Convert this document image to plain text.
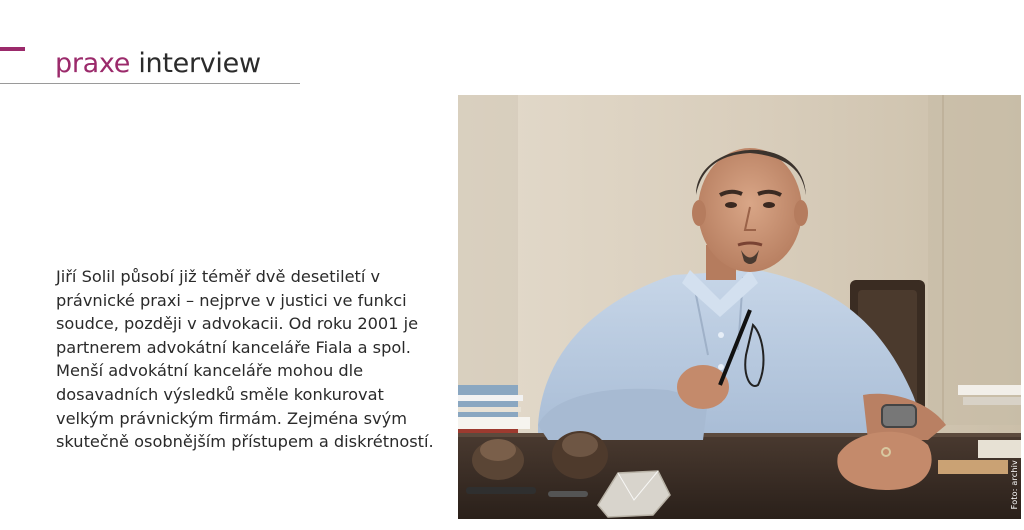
praxe interview

Jiří Solil působí již téměř dvě desetiletí v právnické praxi – nejprve v justici ve funkci soudce, později v advokacii. Od roku 2001 je partnerem advokátní kanceláře Fiala a spol. Menší advokátní kanceláře mohou dle dosavadních výsledků směle konkurovat velkým právnickým firmám. Zejména svým skutečně osobnějším přístupem a diskrétností.

Foto: archiv
